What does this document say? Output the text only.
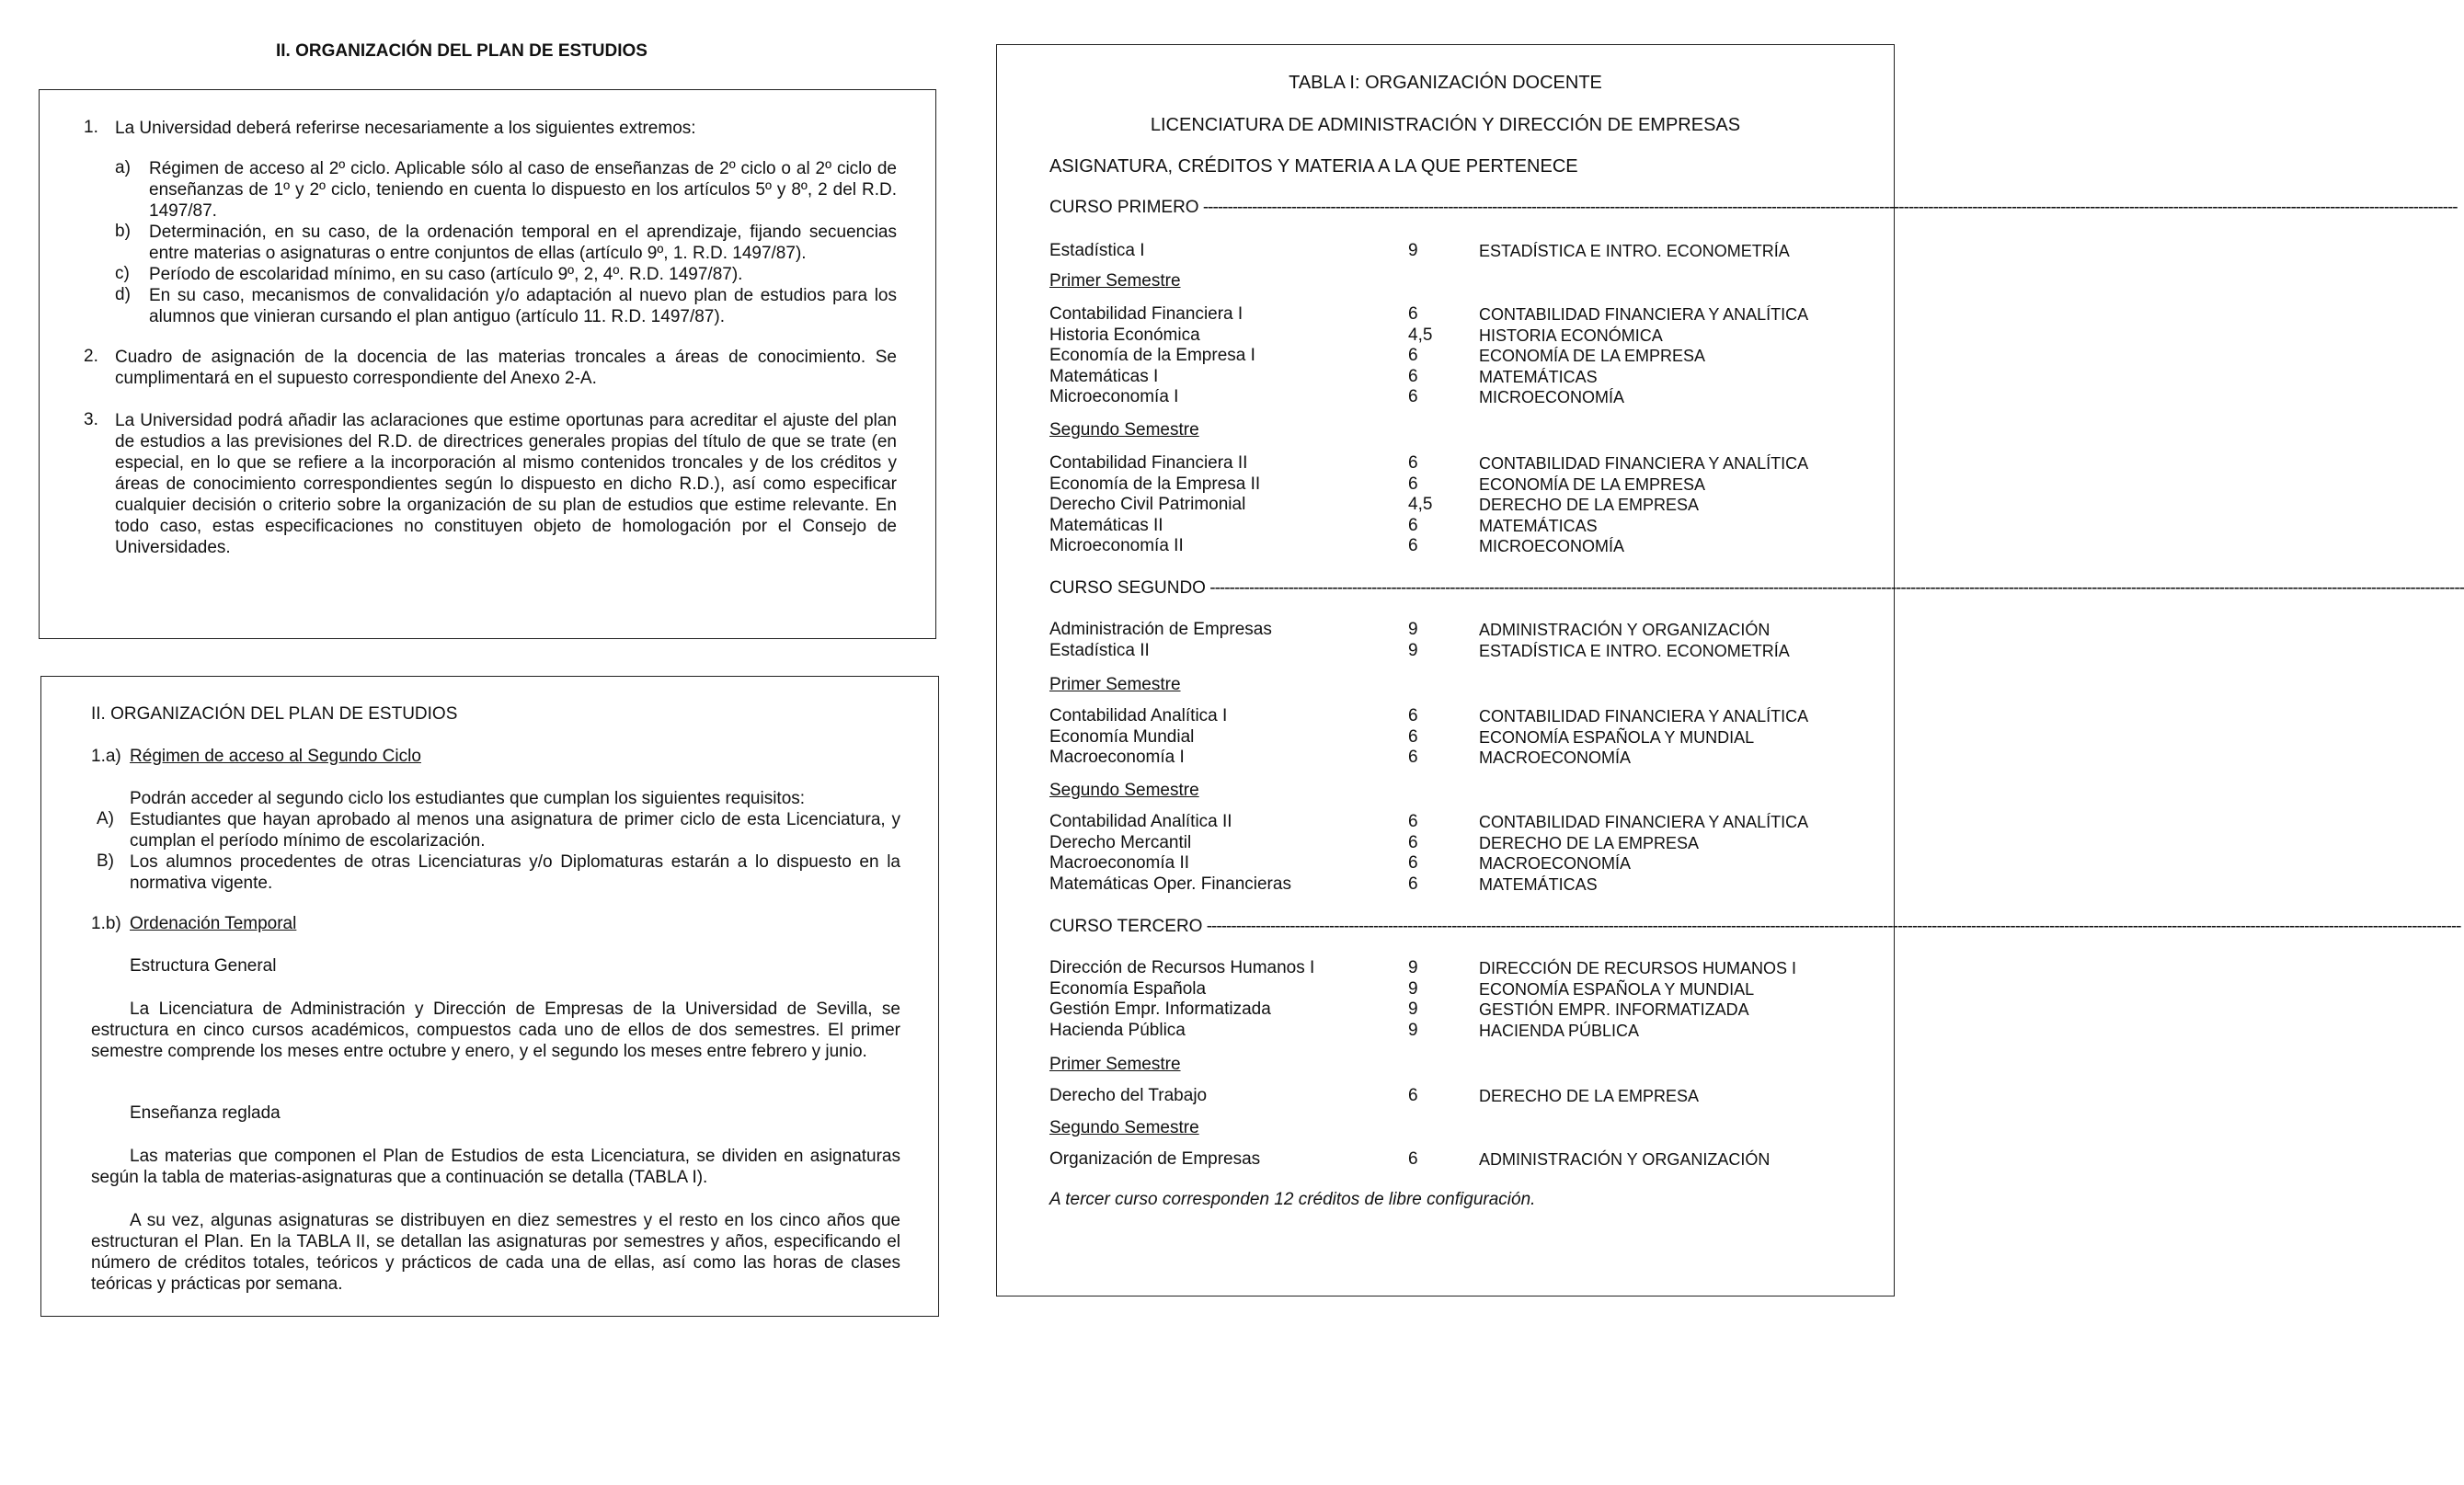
II. ORGANIZACIÓN DEL PLAN DE ESTUDIOS
1. La Universidad deberá referirse necesariamente a los siguientes extremos:

a) Régimen de acceso al 2º ciclo. Aplicable sólo al caso de enseñanzas de 2º ciclo o al 2º ciclo de enseñanzas de 1º y 2º ciclo, teniendo en cuenta lo dispuesto en los artículos 5º y 8º, 2 del R.D. 1497/87.

b) Determinación, en su caso, de la ordenación temporal en el aprendizaje, fijando secuencias entre materias o asignaturas o entre conjuntos de ellas (artículo 9º, 1. R.D. 1497/87).

c) Período de escolaridad mínimo, en su caso (artículo 9º, 2, 4º. R.D. 1497/87).

d) En su caso, mecanismos de convalidación y/o adaptación al nuevo plan de estudios para los alumnos que vinieran cursando el plan antiguo (artículo 11. R.D. 1497/87).

2. Cuadro de asignación de la docencia de las materias troncales a áreas de conocimiento. Se cumplimentará en el supuesto correspondiente del Anexo 2-A.

3. La Universidad podrá añadir las aclaraciones que estime oportunas para acreditar el ajuste del plan de estudios a las previsiones del R.D. de directrices generales propias del título de que se trate (en especial, en lo que se refiere a la incorporación al mismo contenidos troncales y de los créditos y áreas de conocimiento correspondientes según lo dispuesto en dicho R.D.), así como especificar cualquier decisión o criterio sobre la organización de su plan de estudios que estime relevante. En todo caso, estas especificaciones no constituyen objeto de homologación por el Consejo de Universidades.

II. ORGANIZACIÓN DEL PLAN DE ESTUDIOS
1.a) Régimen de acceso al Segundo Ciclo
Podrán acceder al segundo ciclo los estudiantes que cumplan los siguientes requisitos:
A) Estudiantes que hayan aprobado al menos una asignatura de primer ciclo de esta Licenciatura, y cumplan el período mínimo de escolarización.

B) Los alumnos procedentes de otras Licenciaturas y/o Diplomaturas estarán a lo dispuesto en la normativa vigente.

1.b) Ordenación Temporal
Estructura General

La Licenciatura de Administración y Dirección de Empresas de la Universidad de Sevilla, se estructura en cinco cursos académicos, compuestos cada uno de ellos de dos semestres. El primer semestre comprende los meses entre octubre y enero, y el segundo los meses entre febrero y junio.

Enseñanza reglada

Las materias que componen el Plan de Estudios de esta Licenciatura, se dividen en asignaturas según la tabla de materias-asignaturas que a continuación se detalla (TABLA I).

A su vez, algunas asignaturas se distribuyen en diez semestres y el resto en los cinco años que estructuran el Plan. En la TABLA II, se detallan las asignaturas por semestres y años, especificando el número de créditos totales, teóricos y prácticos de cada una de ellas, así como las horas de clases teóricas y prácticas por semana.

TABLA I: ORGANIZACIÓN DOCENTE
LICENCIATURA DE ADMINISTRACIÓN Y DIRECCIÓN DE EMPRESAS
ASIGNATURA, CRÉDITOS Y MATERIA A LA QUE PERTENECE
CURSO PRIMERO ----------------------------------------------------------------------------------------------------------------------------------------------------------------------------------------------------------------------------------------------------------------
Estadística I	9	ESTADÍSTICA E INTRO. ECONOMETRÍA
Primer Semestre
Contabilidad Financiera I	6	CONTABILIDAD FINANCIERA Y ANALÍTICA
Historia Económica	4,5	HISTORIA ECONÓMICA
Economía de la Empresa I	6	ECONOMÍA DE LA EMPRESA
Matemáticas I	6	MATEMÁTICAS
Microeconomía I	6	MICROECONOMÍA
Segundo Semestre
Contabilidad Financiera II	6	CONTABILIDAD FINANCIERA Y ANALÍTICA
Economía de la Empresa II	6	ECONOMÍA DE LA EMPRESA
Derecho Civil Patrimonial	4,5	DERECHO DE LA EMPRESA
Matemáticas II	6	MATEMÁTICAS
Microeconomía II	6	MICROECONOMÍA
CURSO SEGUNDO ----------------------------------------------------------------------------------------------------------------------------------------------------------------------------------------------------------------------------------------------------------------
Administración de Empresas	9	ADMINISTRACIÓN Y ORGANIZACIÓN
Estadística II	9	ESTADÍSTICA E INTRO. ECONOMETRÍA
Primer Semestre
Contabilidad Analítica I	6	CONTABILIDAD FINANCIERA Y ANALÍTICA
Economía Mundial	6	ECONOMÍA ESPAÑOLA Y MUNDIAL
Macroeconomía I	6	MACROECONOMÍA
Segundo Semestre
Contabilidad Analítica II	6	CONTABILIDAD FINANCIERA Y ANALÍTICA
Derecho Mercantil	6	DERECHO DE LA EMPRESA
Macroeconomía II	6	MACROECONOMÍA
Matemáticas Oper. Financieras	6	MATEMÁTICAS
CURSO TERCERO ----------------------------------------------------------------------------------------------------------------------------------------------------------------------------------------------------------------------------------------------------------------
Dirección de Recursos Humanos I	9	DIRECCIÓN DE RECURSOS HUMANOS I
Economía Española	9	ECONOMÍA ESPAÑOLA Y MUNDIAL
Gestión Empr. Informatizada	9	GESTIÓN EMPR. INFORMATIZADA
Hacienda Pública	9	HACIENDA PÚBLICA
Primer Semestre
Derecho del Trabajo	6	DERECHO DE LA EMPRESA
Segundo Semestre
Organización de Empresas	6	ADMINISTRACIÓN Y ORGANIZACIÓN
A tercer curso corresponden 12 créditos de libre configuración.
